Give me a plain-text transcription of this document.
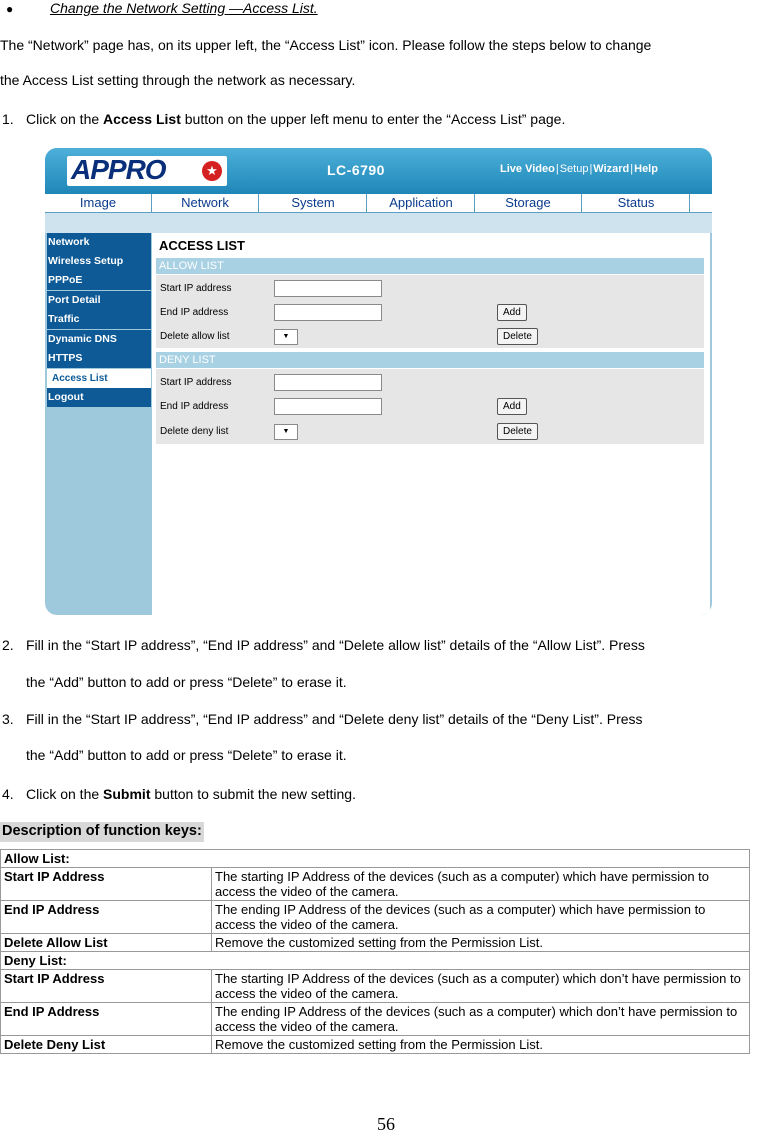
●	Change the Network Setting —Access List.
The “Network” page has, on its upper left, the “Access List” icon. Please follow the steps below to change
the Access List setting through the network as necessary.
1. Click on the Access List button on the upper left menu to enter the “Access List” page.
APPRO	★	LC-6790	Live Video|Setup|Wizard|Help
Image	Network	System	Application	Storage	Status
Network
Wireless Setup
PPPoE
Port Detail
Traffic
Dynamic DNS
HTTPS
Access List
Logout
ACCESS LIST
ALLOW LIST
Start IP address
End IP address	Add
Delete allow list	▼	Delete
DENY LIST
Start IP address
End IP address	Add
Delete deny list	▼	Delete
2. Fill in the “Start IP address”, “End IP address” and “Delete allow list” details of the “Allow List”. Press
the “Add” button to add or press “Delete” to erase it.
3. Fill in the “Start IP address”, “End IP address” and “Delete deny list” details of the “Deny List”. Press
the “Add” button to add or press “Delete” to erase it.
4. Click on the Submit button to submit the new setting.
Description of function keys:
Allow List:	
Start IP Address	The starting IP Address of the devices (such as a computer) which have permission to access the video of the camera.
End IP Address	The ending IP Address of the devices (such as a computer) which have permission to access the video of the camera.
Delete Allow List	Remove the customized setting from the Permission List.
Deny List:	
Start IP Address	The starting IP Address of the devices (such as a computer) which don’t have permission to access the video of the camera.
End IP Address	The ending IP Address of the devices (such as a computer) which don’t have permission to access the video of the camera.
Delete Deny List	Remove the customized setting from the Permission List.
56
